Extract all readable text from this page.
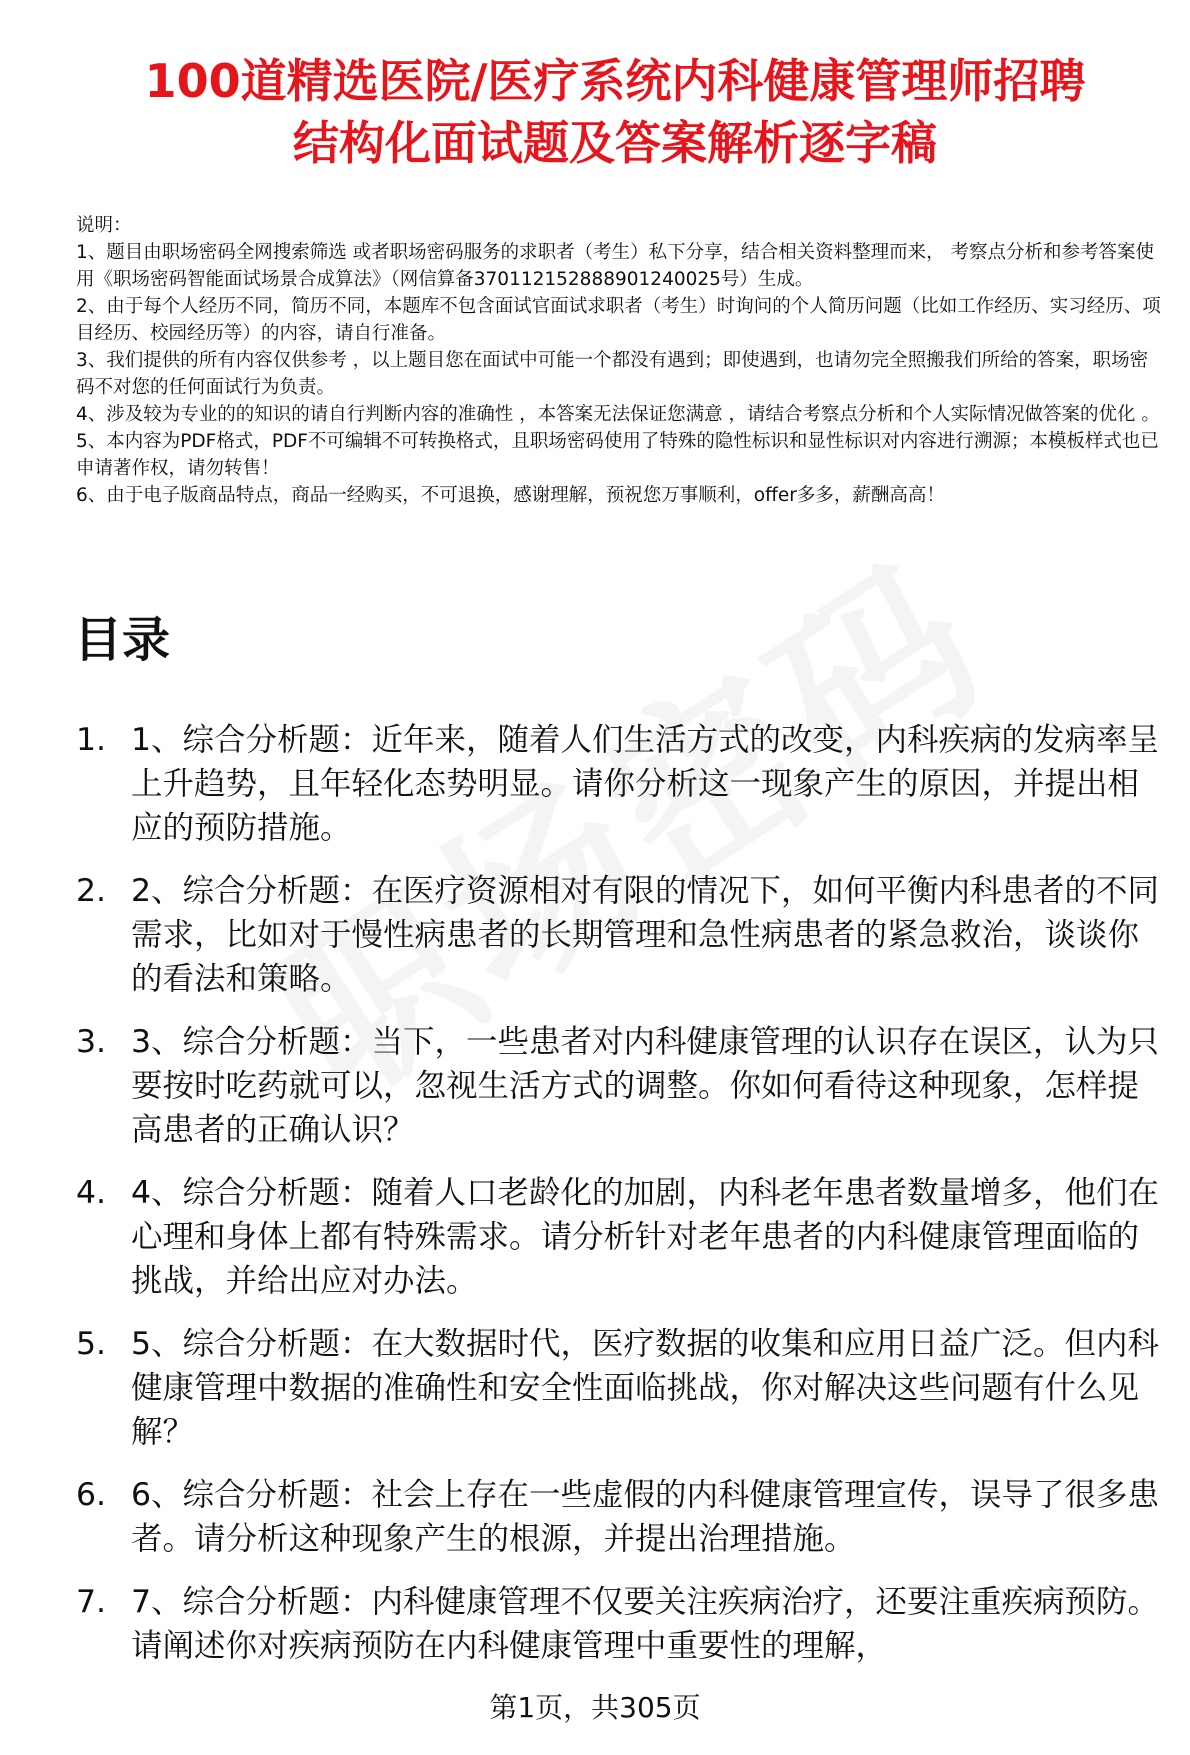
100道精选医院/医疗系统内科健康管理师招聘
结构化面试题及答案解析逐字稿

说明：

1、题目由职场密码全网搜索筛选 或者职场密码服务的求职者（考生）私下分享，结合相关资料整理而来， 考察点分析和参考答案使用《职场密码智能面试场景合成算法》（网信算备370112152888901240025号）生成。

2、由于每个人经历不同，简历不同，本题库不包含面试官面试求职者（考生）时询问的个人简历问题（比如工作经历、实习经历、项目经历、校园经历等）的内容，请自行准备。

3、我们提供的所有内容仅供参考 ，以上题目您在面试中可能一个都没有遇到；即使遇到，也请勿完全照搬我们所给的答案，职场密码不对您的任何面试行为负责。

4、涉及较为专业的的知识的请自行判断内容的准确性 ，本答案无法保证您满意 ，请结合考察点分析和个人实际情况做答案的优化 。

5、本内容为PDF格式，PDF不可编辑不可转换格式，且职场密码使用了特殊的隐性标识和显性标识对内容进行溯源；本模板样式也已申请著作权，请勿转售！

6、由于电子版商品特点，商品一经购买，不可退换，感谢理解，预祝您万事顺利，offer多多，薪酬高高！

目录
1. 1、综合分析题：近年来，随着人们生活方式的改变，内科疾病的发病率呈上升趋势，且年轻化态势明显。请你分析这一现象产生的原因，并提出相应的预防措施。
2. 2、综合分析题：在医疗资源相对有限的情况下，如何平衡内科患者的不同需求，比如对于慢性病患者的长期管理和急性病患者的紧急救治，谈谈你的看法和策略。
3. 3、综合分析题：当下，一些患者对内科健康管理的认识存在误区，认为只要按时吃药就可以，忽视生活方式的调整。你如何看待这种现象，怎样提高患者的正确认识？
4. 4、综合分析题：随着人口老龄化的加剧，内科老年患者数量增多，他们在心理和身体上都有特殊需求。请分析针对老年患者的内科健康管理面临的挑战，并给出应对办法。
5. 5、综合分析题：在大数据时代，医疗数据的收集和应用日益广泛。但内科健康管理中数据的准确性和安全性面临挑战，你对解决这些问题有什么见解？
6. 6、综合分析题：社会上存在一些虚假的内科健康管理宣传，误导了很多患者。请分析这种现象产生的根源，并提出治理措施。
7. 7、综合分析题：内科健康管理不仅要关注疾病治疗，还要注重疾病预防。请阐述你对疾病预防在内科健康管理中重要性的理解，
第1页，共305页
